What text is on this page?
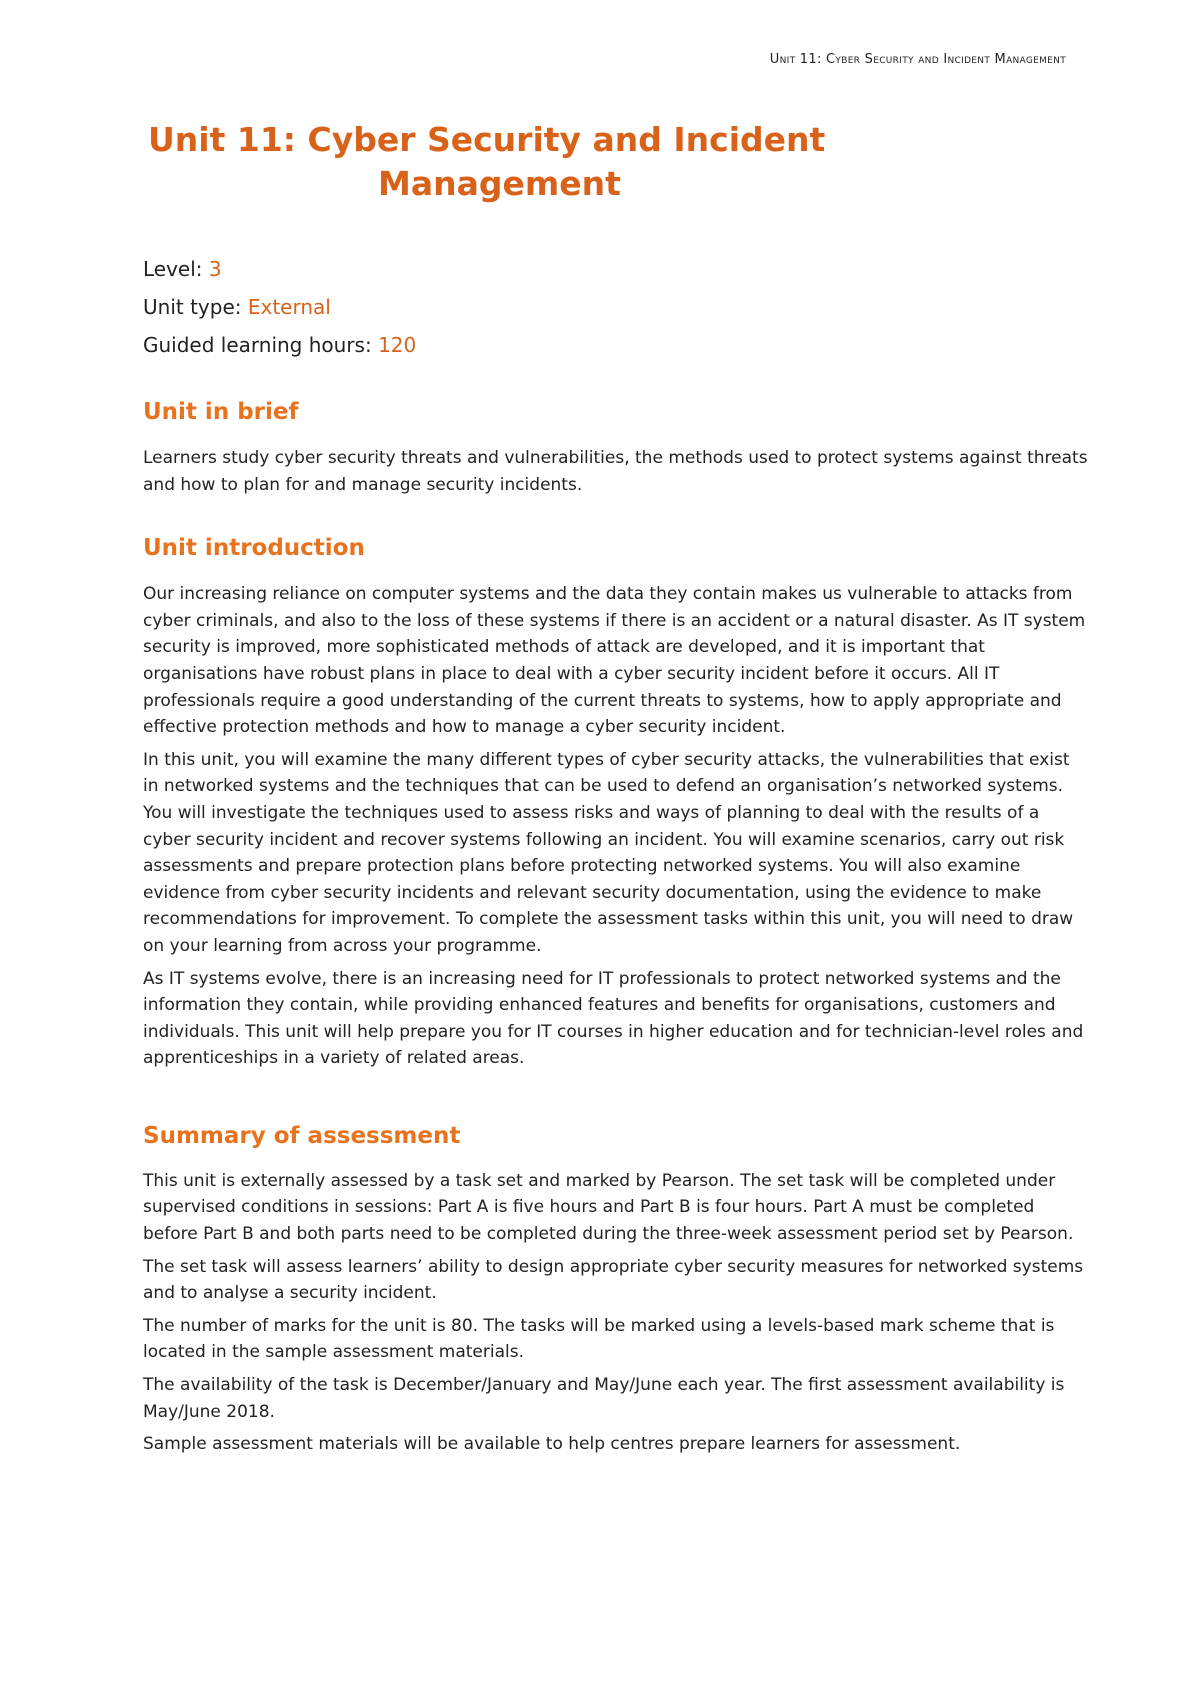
Unit 11: Cyber Security and Incident Management
Unit 11: Cyber Security and Incident
Management
Level: 3
Unit type: External
Guided learning hours: 120
Unit in brief

Learners study cyber security threats and vulnerabilities, the methods used to protect systems against threats and how to plan for and manage security incidents.

Unit introduction

Our increasing reliance on computer systems and the data they contain makes us vulnerable to attacks from cyber criminals, and also to the loss of these systems if there is an accident or a natural disaster. As IT system security is improved, more sophisticated methods of attack are developed, and it is important that organisations have robust plans in place to deal with a cyber security incident before it occurs. All IT professionals require a good understanding of the current threats to systems, how to apply appropriate and effective protection methods and how to manage a cyber security incident.

In this unit, you will examine the many different types of cyber security attacks, the vulnerabilities that exist in networked systems and the techniques that can be used to defend an organisation’s networked systems. You will investigate the techniques used to assess risks and ways of planning to deal with the results of a cyber security incident and recover systems following an incident. You will examine scenarios, carry out risk assessments and prepare protection plans before protecting networked systems. You will also examine evidence from cyber security incidents and relevant security documentation, using the evidence to make recommendations for improvement. To complete the assessment tasks within this unit, you will need to draw on your learning from across your programme.

As IT systems evolve, there is an increasing need for IT professionals to protect networked systems and the information they contain, while providing enhanced features and benefits for organisations, customers and individuals. This unit will help prepare you for IT courses in higher education and for technician-level roles and apprenticeships in a variety of related areas.

Summary of assessment

This unit is externally assessed by a task set and marked by Pearson. The set task will be completed under supervised conditions in sessions: Part A is five hours and Part B is four hours. Part A must be completed before Part B and both parts need to be completed during the three-week assessment period set by Pearson.

The set task will assess learners’ ability to design appropriate cyber security measures for networked systems and to analyse a security incident.

The number of marks for the unit is 80. The tasks will be marked using a levels-based mark scheme that is located in the sample assessment materials.

The availability of the task is December/January and May/June each year. The first assessment availability is May/June 2018.

Sample assessment materials will be available to help centres prepare learners for assessment.
